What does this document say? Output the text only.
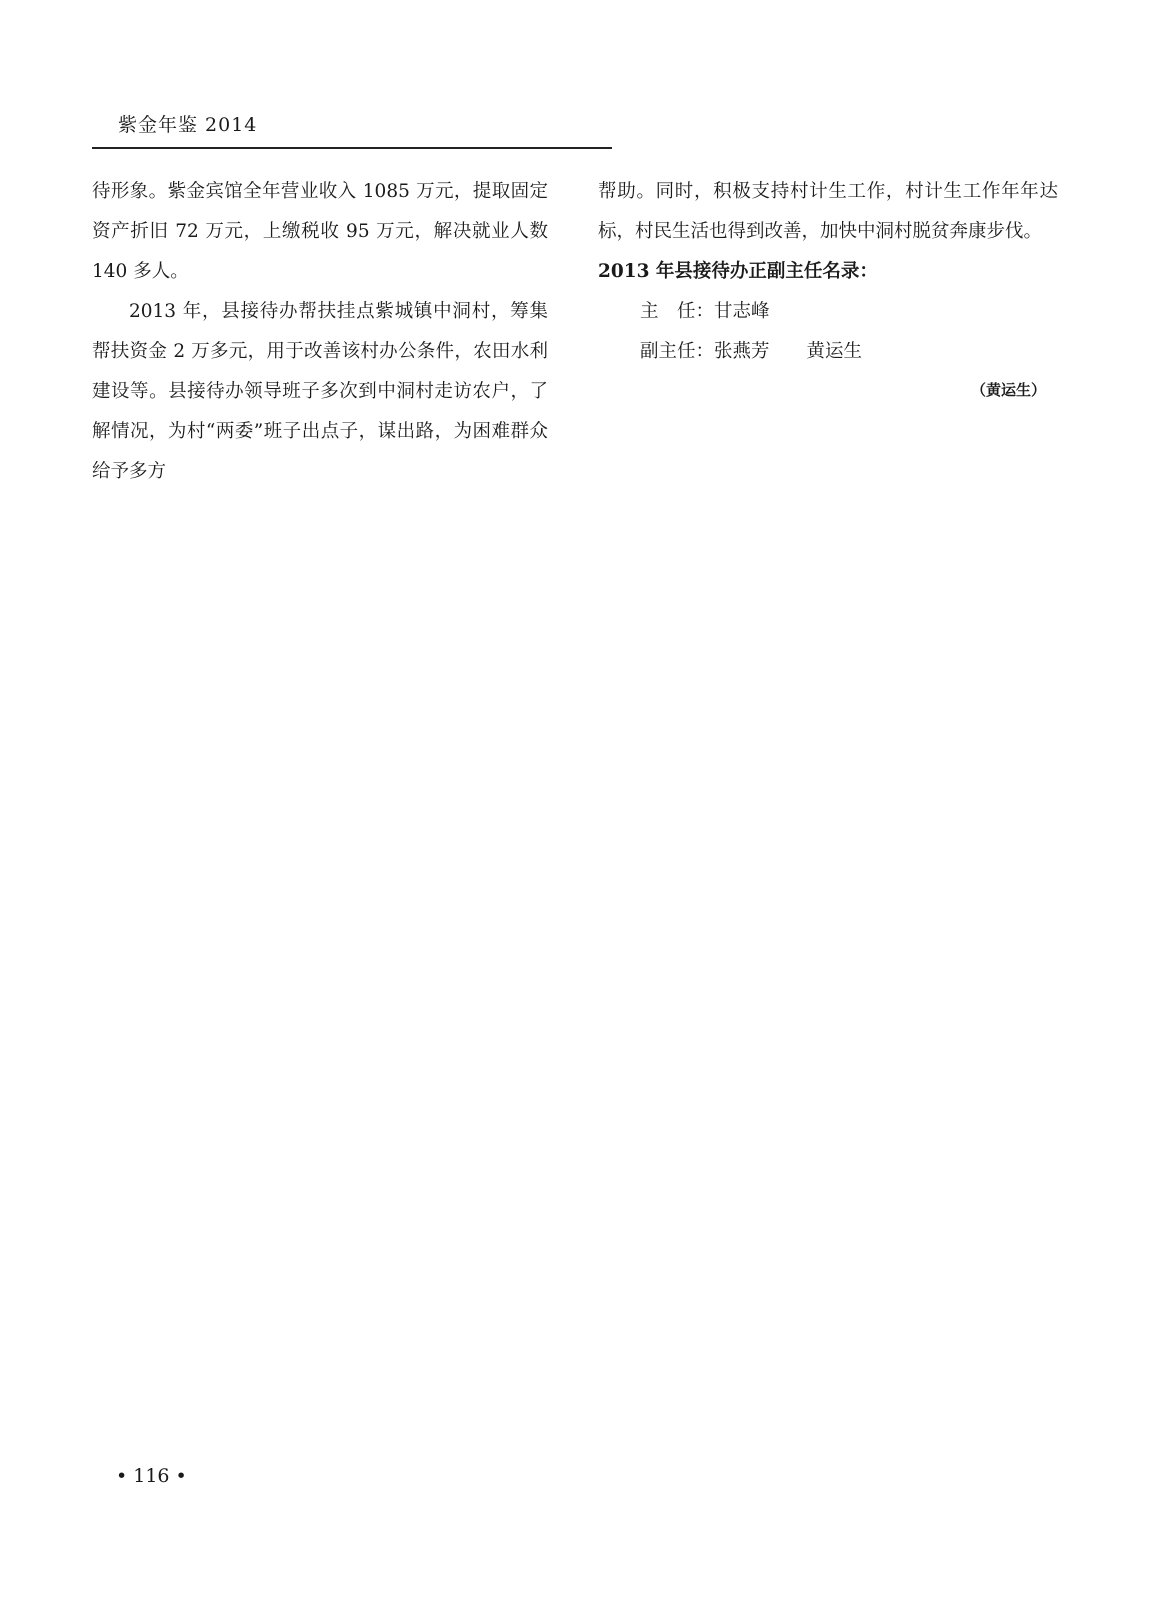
紫金年鉴 2014

待形象。紫金宾馆全年营业收入 1085 万元，提取固定资产折旧 72 万元，上缴税收 95 万元，解决就业人数 140 多人。

2013 年，县接待办帮扶挂点紫城镇中洞村，筹集帮扶资金 2 万多元，用于改善该村办公条件，农田水利建设等。县接待办领导班子多次到中洞村走访农户，了解情况，为村“两委”班子出点子，谋出路，为困难群众给予多方

帮助。同时，积极支持村计生工作，村计生工作年年达标，村民生活也得到改善，加快中洞村脱贫奔康步伐。

2013 年县接待办正副主任名录：

主　任：甘志峰

副主任：张燕芳　　黄运生

（黄运生）

• 116 •
